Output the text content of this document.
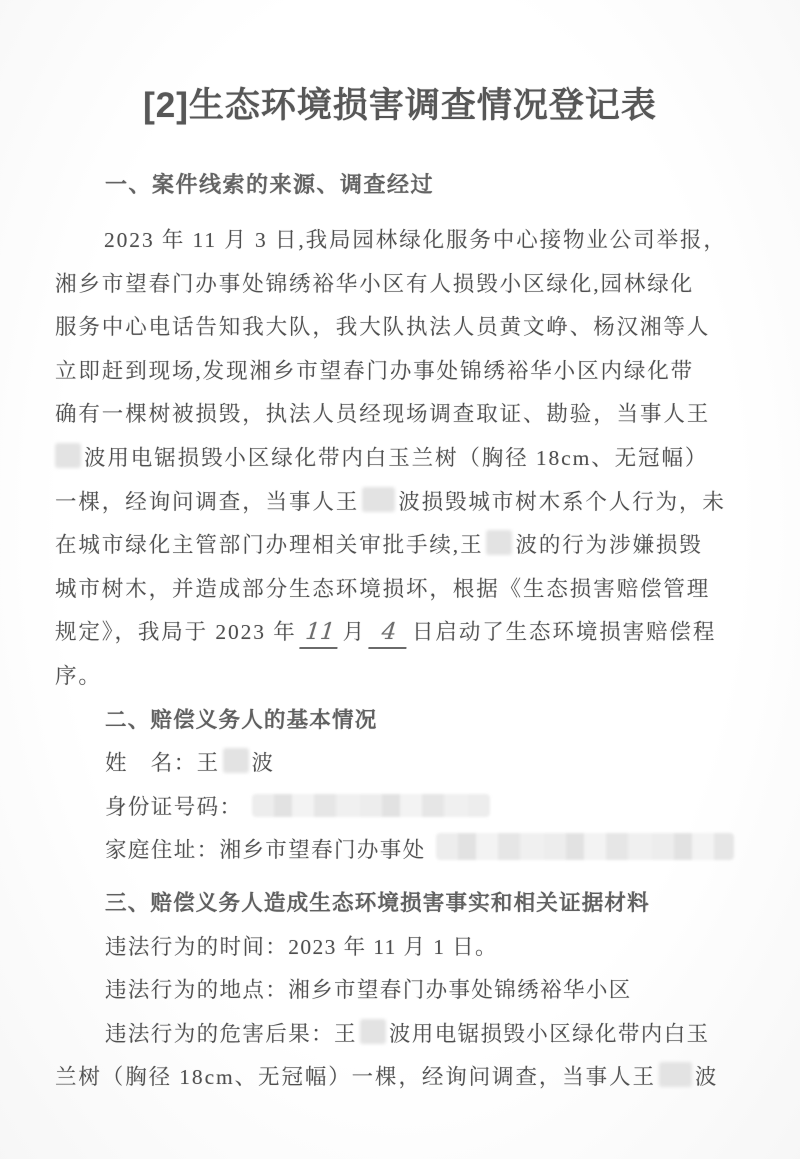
[2]生态环境损害调查情况登记表
一、案件线索的来源、调查经过
2023 年 11 月 3 日,我局园林绿化服务中心接物业公司举报，
湘乡市望春门办事处锦绣裕华小区有人损毁小区绿化,园林绿化
服务中心电话告知我大队，我大队执法人员黄文峥、杨汉湘等人
立即赶到现场,发现湘乡市望春门办事处锦绣裕华小区内绿化带
确有一棵树被损毁，执法人员经现场调查取证、勘验，当事人王
波用电锯损毁小区绿化带内白玉兰树（胸径 18cm、无冠幅）
一棵，经询问调查，当事人王 波损毁城市树木系个人行为，未
在城市绿化主管部门办理相关审批手续,王 波的行为涉嫌损毁
城市树木，并造成部分生态环境损坏，根据《生态损害赔偿管理
规定》，我局于 2023 年 11 月 4 日启动了生态环境损害赔偿程
序。
二、赔偿义务人的基本情况
姓　名：王 波
身份证号码：
家庭住址：湘乡市望春门办事处
三、赔偿义务人造成生态环境损害事实和相关证据材料
违法行为的时间：2023 年 11 月 1 日。
违法行为的地点：湘乡市望春门办事处锦绣裕华小区
违法行为的危害后果：王 波用电锯损毁小区绿化带内白玉
兰树（胸径 18cm、无冠幅）一棵，经询问调查，当事人王 波
